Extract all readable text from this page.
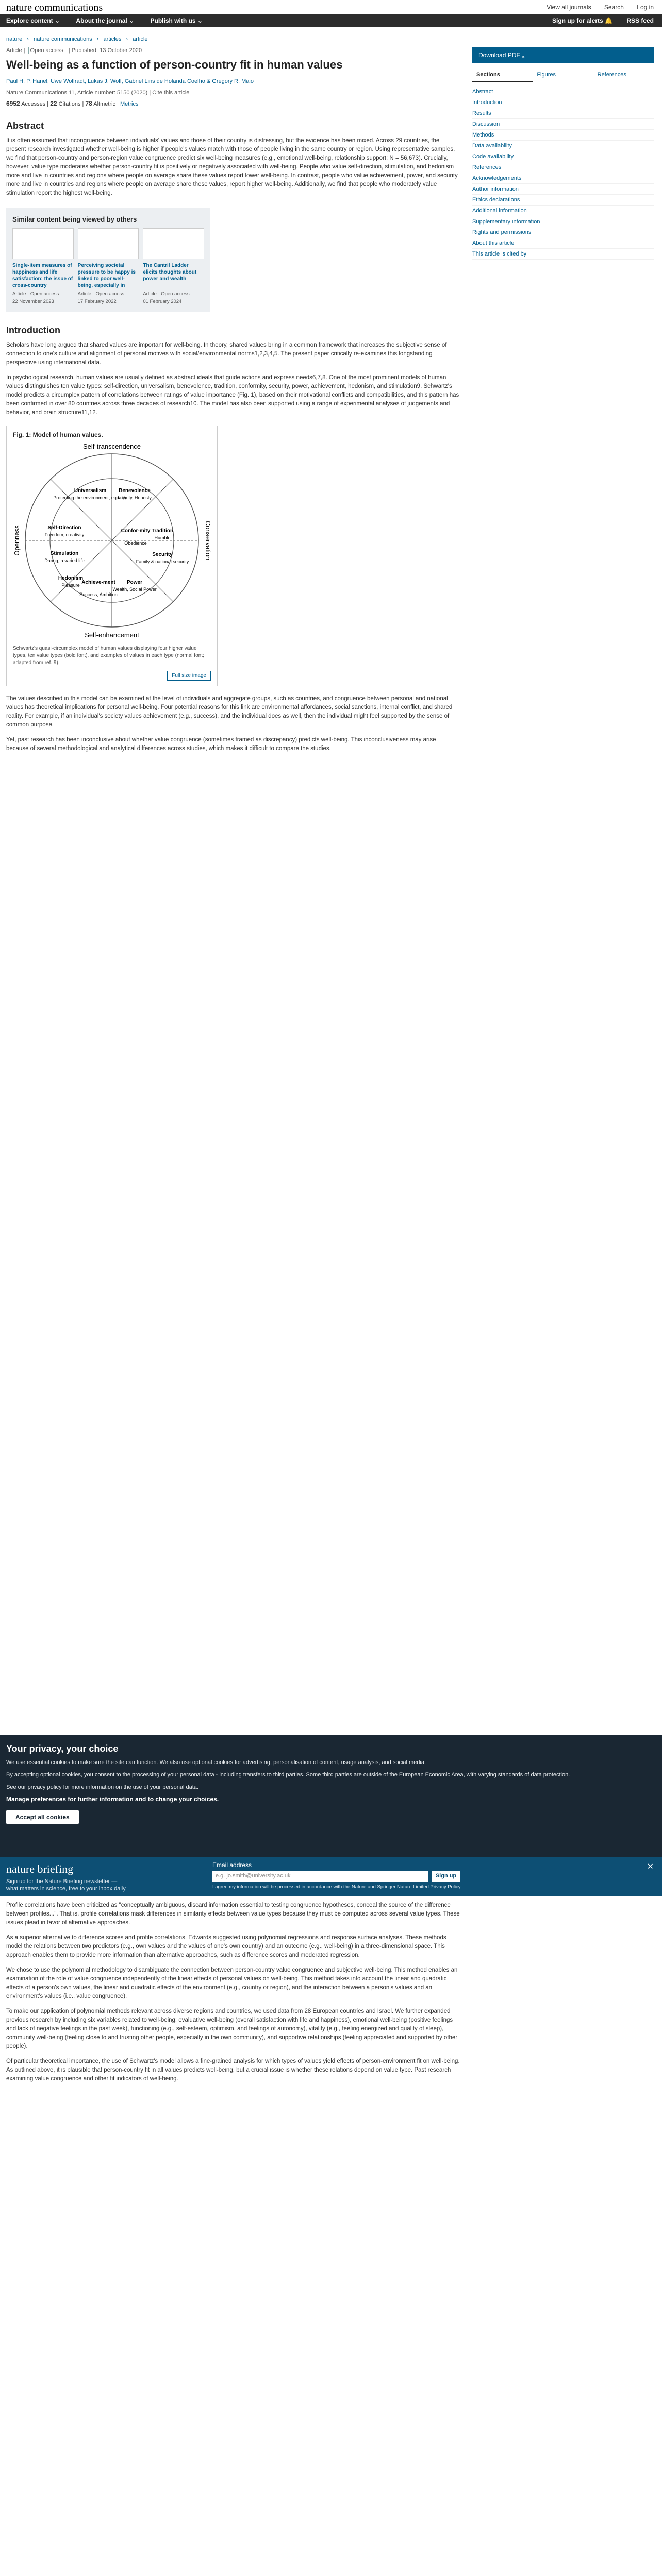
nature communications	View all journals Search Log in
Explore content ⌄	About the journal ⌄	Publish with us ⌄	Sign up for alerts 🔔 RSS feed
nature › nature communications › articles › article
Article | Open access | Published: 13 October 2020
Well-being as a function of person-country fit in human values
Paul H. P. Hanel, Uwe Wolfradt, Lukas J. Wolf, Gabriel Lins de Holanda Coelho & Gregory R. Maio
Nature Communications 11, Article number: 5150 (2020) | Cite this article
6952 Accesses | 22 Citations | 78 Altmetric | Metrics
Abstract

It is often assumed that incongruence between individuals' values and those of their country is distressing, but the evidence has been mixed. Across 29 countries, the present research investigated whether well-being is higher if people's values match with those of people living in the same country or region. Using representative samples, we find that person-country and person-region value congruence predict six well-being measures (e.g., emotional well-being, relationship support; N = 56,673). Crucially, however, value type moderates whether person-country fit is positively or negatively associated with well-being. People who value self-direction, stimulation, and hedonism more and live in countries and regions where people on average share these values report lower well-being. In contrast, people who value achievement, power, and security more and live in countries and regions where people on average share these values, report higher well-being. Additionally, we find that people who moderately value stimulation report the highest well-being.

Similar content being viewed by others
Single-item measures of happiness and life satisfaction: the issue of cross-country
Article · Open access
22 November 2023
Perceiving societal pressure to be happy is linked to poor well-being, especially in
Article · Open access
17 February 2022
The Cantril Ladder elicits thoughts about power and wealth
Article · Open access
01 February 2024
Introduction

Scholars have long argued that shared values are important for well-being. In theory, shared values bring in a common framework that increases the subjective sense of connection to one's culture and alignment of personal motives with social/environmental norms1,2,3,4,5. The present paper critically re-examines this longstanding perspective using international data.

In psychological research, human values are usually defined as abstract ideals that guide actions and express needs6,7,8. One of the most prominent models of human values distinguishes ten value types: self-direction, universalism, benevolence, tradition, conformity, security, power, achievement, hedonism, and stimulation9. Schwartz's model predicts a circumplex pattern of correlations between ratings of value importance (Fig. 1), based on their motivational conflicts and compatibilities, and this pattern has been confirmed in over 80 countries across three decades of research10. The model has also been supported using a range of experimental analyses of judgements and behavior, and brain structure11,12.

Fig. 1: Model of human values.
Self-transcendence
Self-enhancement
Openness	Conservation
Universalism
Protecting the environment, equality
Benevolence
Loyalty, Honesty
Self-Direction
Freedom, creativity
Confor-mity
Obedience
Tradition
Humble
Stimulation
Daring, a varied life
Security
Family & national security
Hedonism
Pleasure Achieve-ment
Success, Ambition
Power
Wealth, Social Power
Schwartz's quasi-circumplex model of human values displaying four higher value types, ten value types (bold font), and examples of values in each type (normal font; adapted from ref. 9).
Full size image

The values described in this model can be examined at the level of individuals and aggregate groups, such as countries, and congruence between personal and national values has theoretical implications for personal well-being. Four potential reasons for this link are environmental affordances, social sanctions, internal conflict, and shared reality. For example, if an individual's society values achievement (e.g., success), and the individual does as well, then the individual might feel supported by the sense of common purpose.

Yet, past research has been inconclusive about whether value congruence (sometimes framed as discrepancy) predicts well-being. This inconclusiveness may arise because of several methodological and analytical differences across studies, which makes it difficult to compare the studies.

Download PDF ⤓
Sections	Figures	References
Abstract
Introduction
Results
Discussion
Methods
Data availability
Code availability
References
Acknowledgements
Author information
Ethics declarations
Additional information
Supplementary information
Rights and permissions
About this article
This article is cited by
Your privacy, your choice

We use essential cookies to make sure the site can function. We also use optional cookies for advertising, personalisation of content, usage analysis, and social media.

By accepting optional cookies, you consent to the processing of your personal data - including transfers to third parties. Some third parties are outside of the European Economic Area, with varying standards of data protection.

See our privacy policy for more information on the use of your personal data.

Manage preferences for further information and to change your choices.
Accept all cookies
nature briefing
Sign up for the Nature Briefing newsletter — what matters in science, free to your inbox daily.
Email address
e.g. jo.smith@university.ac.uk	Sign up
I agree my information will be processed in accordance with the Nature and Springer Nature Limited Privacy Policy.
✕

Profile correlations have been criticized as "conceptually ambiguous, discard information essential to testing congruence hypotheses, conceal the source of the difference between profiles...". That is, profile correlations mask differences in similarity effects between value types because they must be computed across several value types. These issues plead in favor of alternative approaches.

As a superior alternative to difference scores and profile correlations, Edwards suggested using polynomial regressions and response surface analyses. These methods model the relations between two predictors (e.g., own values and the values of one's own country) and an outcome (e.g., well-being) in a three-dimensional space. This approach enables them to provide more information than alternative approaches, such as difference scores and moderated regression.

We chose to use the polynomial methodology to disambiguate the connection between person-country value congruence and subjective well-being. This method enables an examination of the role of value congruence independently of the linear effects of personal values on well-being. This method takes into account the linear and quadratic effects of a person's own values, the linear and quadratic effects of the environment (e.g., country or region), and the interaction between a person's values and an environment's values (i.e., value congruence).

To make our application of polynomial methods relevant across diverse regions and countries, we used data from 28 European countries and Israel. We further expanded previous research by including six variables related to well-being: evaluative well-being (overall satisfaction with life and happiness), emotional well-being (positive feelings and lack of negative feelings in the past week), functioning (e.g., self-esteem, optimism, and feelings of autonomy), vitality (e.g., feeling energized and quality of sleep), community well-being (feeling close to and trusting other people, especially in the own community), and supportive relationships (feeling appreciated and supported by other people).

Of particular theoretical importance, the use of Schwartz's model allows a fine-grained analysis for which types of values yield effects of person-environment fit on well-being. As outlined above, it is plausible that person-country fit in all values predicts well-being, but a crucial issue is whether these relations depend on value type. Past research examining value congruence and other fit indicators of well-being.
